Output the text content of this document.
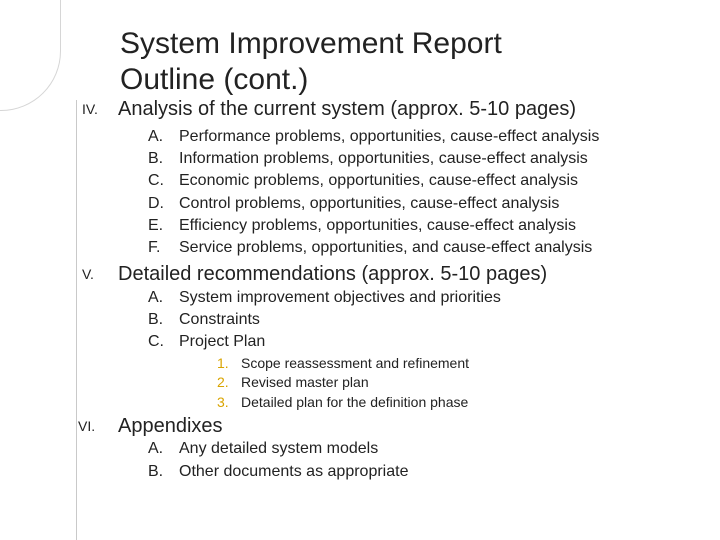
System Improvement Report
Outline (cont.)
IV. Analysis of the current system (approx. 5-10 pages)
A. Performance problems, opportunities, cause-effect analysis
B. Information problems, opportunities, cause-effect analysis
C. Economic problems, opportunities, cause-effect analysis
D. Control problems, opportunities, cause-effect analysis
E. Efficiency problems, opportunities, cause-effect analysis
F. Service problems, opportunities, and cause-effect analysis
V. Detailed recommendations (approx. 5-10 pages)
A. System improvement objectives and priorities
B. Constraints
C. Project Plan
1. Scope reassessment and refinement
2. Revised master plan
3. Detailed plan for the definition phase
VI. Appendixes
A. Any detailed system models
B. Other documents as appropriate
